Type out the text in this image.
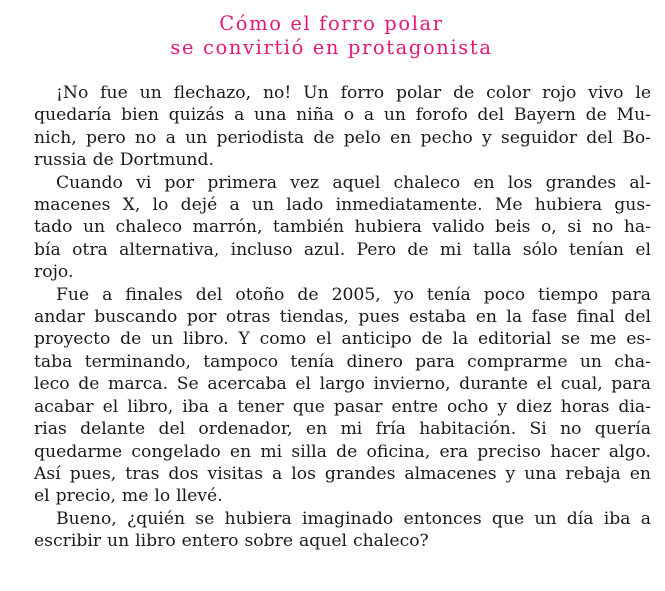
Cómo el forro polar
se convirtió en protagonista
¡No fue un flechazo, no! Un forro polar de color rojo vivo le
quedaría bien quizás a una niña o a un forofo del Bayern de Mu-
nich, pero no a un periodista de pelo en pecho y seguidor del Bo-
russia de Dortmund.
Cuando vi por primera vez aquel chaleco en los grandes al-
macenes X, lo dejé a un lado inmediatamente. Me hubiera gus-
tado un chaleco marrón, también hubiera valido beis o, si no ha-
bía otra alternativa, incluso azul. Pero de mi talla sólo tenían el
rojo.
Fue a finales del otoño de 2005, yo tenía poco tiempo para
andar buscando por otras tiendas, pues estaba en la fase final del
proyecto de un libro. Y como el anticipo de la editorial se me es-
taba terminando, tampoco tenía dinero para comprarme un cha-
leco de marca. Se acercaba el largo invierno, durante el cual, para
acabar el libro, iba a tener que pasar entre ocho y diez horas dia-
rias delante del ordenador, en mi fría habitación. Si no quería
quedarme congelado en mi silla de oficina, era preciso hacer algo.
Así pues, tras dos visitas a los grandes almacenes y una rebaja en
el precio, me lo llevé.
Bueno, ¿quién se hubiera imaginado entonces que un día iba a
escribir un libro entero sobre aquel chaleco?
